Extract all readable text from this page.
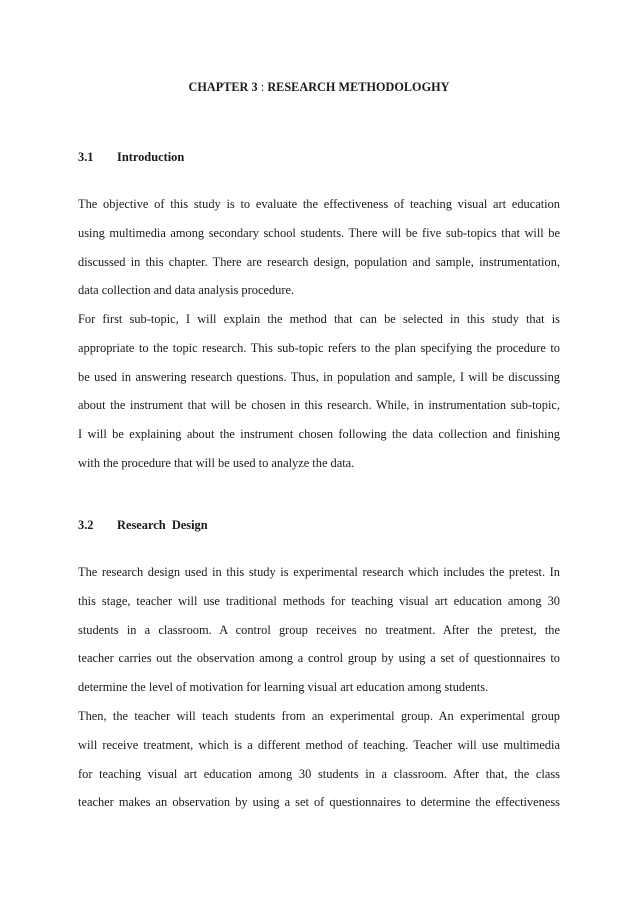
CHAPTER 3 : RESEARCH METHODOLOGHY
3.1	Introduction
The objective of this study is to evaluate the effectiveness of teaching visual art education
using multimedia among secondary school students. There will be five sub-topics that will be
discussed in this chapter. There are research design, population and sample, instrumentation,
data collection and data analysis procedure.
For first sub-topic, I will explain the method that can be selected in this study that is
appropriate to the topic research. This sub-topic refers to the plan specifying the procedure to
be used in answering research questions. Thus, in population and sample, I will be discussing
about the instrument that will be chosen in this research. While, in instrumentation sub-topic,
I will be explaining about the instrument chosen following the data collection and finishing
with the procedure that will be used to analyze the data.
3.2	Research  Design
The research design used in this study is experimental research which includes the pretest. In
this stage, teacher will use traditional methods for teaching visual art education among 30
students in a classroom. A control group receives no treatment. After the pretest, the
teacher carries out the observation among a control group by using a set of questionnaires to
determine the level of motivation for learning visual art education among students.
Then, the teacher will teach students from an experimental group. An experimental group
will receive treatment, which is a different method of teaching. Teacher will use multimedia
for teaching visual art education among 30 students in a classroom. After that, the class
teacher makes an observation by using a set of questionnaires to determine the effectiveness
